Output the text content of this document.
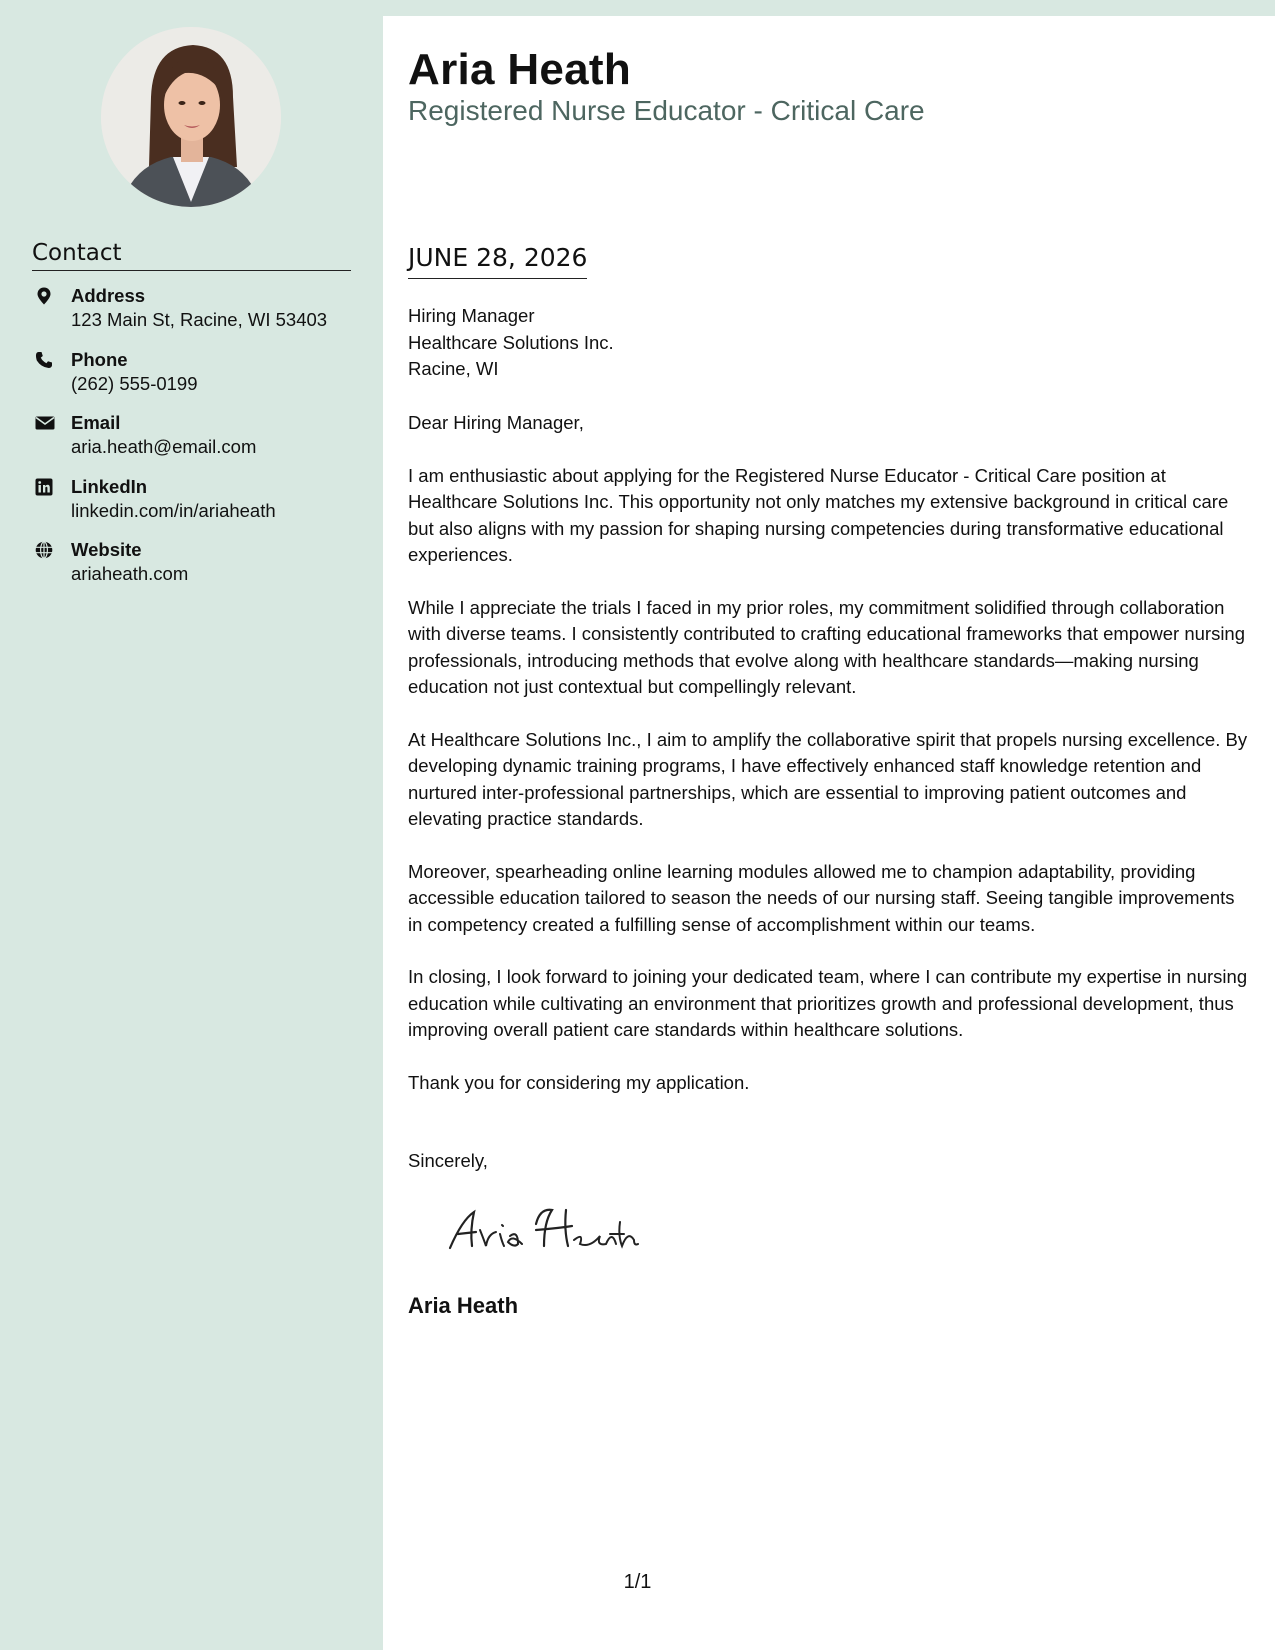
Contact
Address
123 Main St, Racine, WI 53403
Phone
(262) 555-0199
Email
aria.heath@email.com
LinkedIn
linkedin.com/in/ariaheath
Website
ariaheath.com
Aria Heath
Registered Nurse Educator - Critical Care
JUNE 28, 2026
Hiring Manager
Healthcare Solutions Inc.
Racine, WI

Dear Hiring Manager,

I am enthusiastic about applying for the Registered Nurse Educator - Critical Care position at Healthcare Solutions Inc. This opportunity not only matches my extensive background in critical care but also aligns with my passion for shaping nursing competencies during transformative educational experiences.

While I appreciate the trials I faced in my prior roles, my commitment solidified through collaboration with diverse teams. I consistently contributed to crafting educational frameworks that empower nursing professionals, introducing methods that evolve along with healthcare standards—making nursing education not just contextual but compellingly relevant.

At Healthcare Solutions Inc., I aim to amplify the collaborative spirit that propels nursing excellence. By developing dynamic training programs, I have effectively enhanced staff knowledge retention and nurtured inter-professional partnerships, which are essential to improving patient outcomes and elevating practice standards.

Moreover, spearheading online learning modules allowed me to champion adaptability, providing accessible education tailored to season the needs of our nursing staff. Seeing tangible improvements in competency created a fulfilling sense of accomplishment within our teams.

In closing, I look forward to joining your dedicated team, where I can contribute my expertise in nursing education while cultivating an environment that prioritizes growth and professional development, thus improving overall patient care standards within healthcare solutions.

Thank you for considering my application.

Sincerely,
Aria Heath
1/1
